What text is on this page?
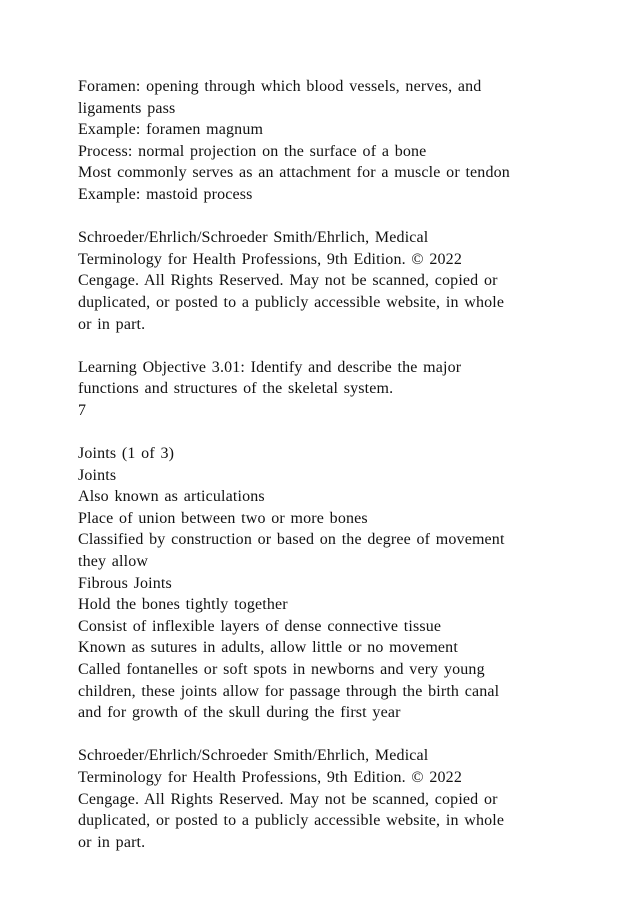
Foramen: opening through which blood vessels, nerves, and
ligaments pass
Example: foramen magnum
Process: normal projection on the surface of a bone
Most commonly serves as an attachment for a muscle or tendon
Example: mastoid process
Schroeder/Ehrlich/Schroeder Smith/Ehrlich, Medical
Terminology for Health Professions, 9th Edition. © 2022
Cengage. All Rights Reserved. May not be scanned, copied or
duplicated, or posted to a publicly accessible website, in whole
or in part.
Learning Objective 3.01: Identify and describe the major
functions and structures of the skeletal system.
7
Joints (1 of 3)
Joints
Also known as articulations
Place of union between two or more bones
Classified by construction or based on the degree of movement
they allow
Fibrous Joints
Hold the bones tightly together
Consist of inflexible layers of dense connective tissue
Known as sutures in adults, allow little or no movement
Called fontanelles or soft spots in newborns and very young
children, these joints allow for passage through the birth canal
and for growth of the skull during the first year
Schroeder/Ehrlich/Schroeder Smith/Ehrlich, Medical
Terminology for Health Professions, 9th Edition. © 2022
Cengage. All Rights Reserved. May not be scanned, copied or
duplicated, or posted to a publicly accessible website, in whole
or in part.
